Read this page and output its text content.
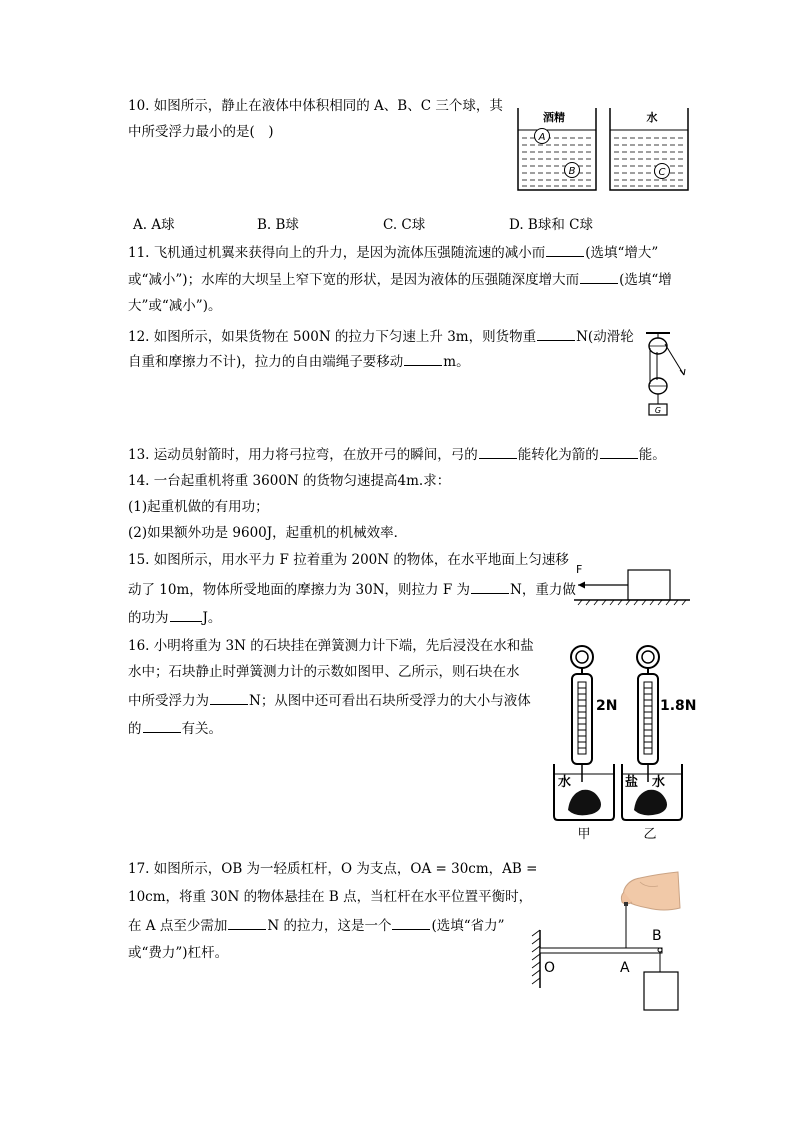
10. 如图所示，静止在液体中体积相同的 A、B、C 三个球，其
中所受浮力最小的是(　)	A
B
酒精
C
水
A. A球	B. B球	C. C球	D. B球和 C球
11. 飞机通过机翼来获得向上的升力，是因为流体压强随流速的减小而	(选填“增大”
或“减小”)；水库的大坝呈上窄下宽的形状，是因为液体的压强随深度增大而	(选填“增
大”或“减小”)。
12. 如图所示，如果货物在 500N 的拉力下匀速上升 3m，则货物重	N(动滑轮
自重和摩擦力不计)，拉力的自由端绳子要移动	m。
G
13. 运动员射箭时，用力将弓拉弯，在放开弓的瞬间，弓的	能转化为箭的	能。
14. 一台起重机将重 3600N 的货物匀速提高4m.求：
(1)起重机做的有用功；
(2)如果额外功是 9600J，起重机的机械效率．
15. 如图所示，用水平力 F 拉着重为 200N 的物体，在水平地面上匀速移
动了 10m，物体所受地面的摩擦力为 30N，则拉力 F 为	N，重力做
的功为	J。
F
16. 小明将重为 3N 的石块挂在弹簧测力计下端，先后浸没在水和盐
水中；石块静止时弹簧测力计的示数如图甲、乙所示，则石块在水
中所受浮力为	N；从图中还可看出石块所受浮力的大小与液体
的	有关。
2N
水
甲
1.8N
盐 水
乙
17. 如图所示，OB 为一轻质杠杆，O 为支点，OA = 30cm，AB =
10cm，将重 30N 的物体悬挂在 B 点，当杠杆在水平位置平衡时，
在 A 点至少需加	N 的拉力，这是一个	(选填“省力”
或“费力”)杠杆。
O	A
B
